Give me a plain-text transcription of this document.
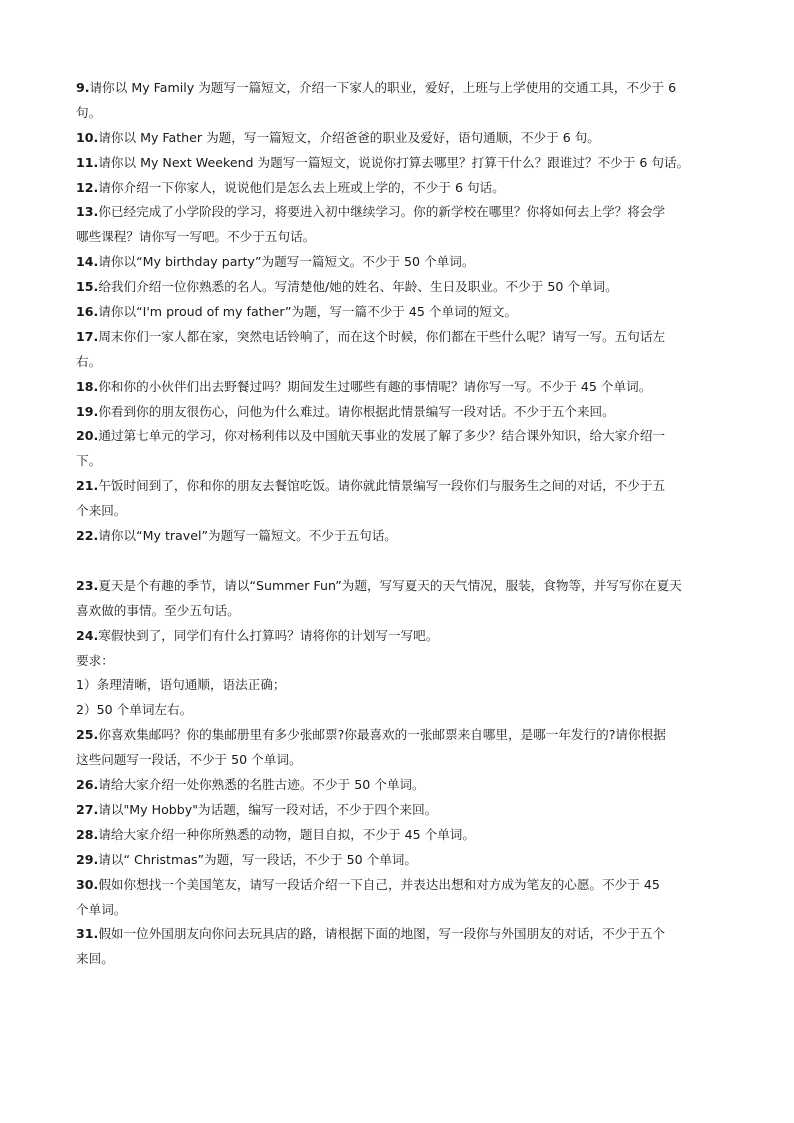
9.请你以 My Family 为题写一篇短文，介绍一下家人的职业，爱好，上班与上学使用的交通工具，不少于 6
句。
10.请你以 My Father 为题，写一篇短文，介绍爸爸的职业及爱好，语句通顺，不少于 6 句。
11.请你以 My Next Weekend 为题写一篇短文，说说你打算去哪里？打算干什么？跟谁过？不少于 6 句话。
12.请你介绍一下你家人，说说他们是怎么去上班或上学的，不少于 6 句话。
13.你已经完成了小学阶段的学习，将要进入初中继续学习。你的新学校在哪里？你将如何去上学？将会学
哪些课程？请你写一写吧。不少于五句话。
14.请你以“My birthday party”为题写一篇短文。不少于 50 个单词。
15.给我们介绍一位你熟悉的名人。写清楚他/她的姓名、年龄、生日及职业。不少于 50 个单词。
16.请你以“I'm proud of my father”为题，写一篇不少于 45 个单词的短文。
17.周末你们一家人都在家，突然电话铃响了，而在这个时候，你们都在干些什么呢？请写一写。五句话左
右。
18.你和你的小伙伴们出去野餐过吗？期间发生过哪些有趣的事情呢？请你写一写。不少于 45 个单词。
19.你看到你的朋友很伤心，问他为什么难过。请你根据此情景编写一段对话。不少于五个来回。
20.通过第七单元的学习，你对杨利伟以及中国航天事业的发展了解了多少？结合课外知识，给大家介绍一
下。
21.午饭时间到了，你和你的朋友去餐馆吃饭。请你就此情景编写一段你们与服务生之间的对话，不少于五
个来回。
22.请你以“My travel”为题写一篇短文。不少于五句话。
23.夏天是个有趣的季节，请以“Summer Fun”为题，写写夏天的天气情况，服装，食物等，并写写你在夏天
喜欢做的事情。至少五句话。
24.寒假快到了，同学们有什么打算吗？请将你的计划写一写吧。
要求：
1）条理清晰，语句通顺，语法正确；
2）50 个单词左右。
25.你喜欢集邮吗？你的集邮册里有多少张邮票?你最喜欢的一张邮票来自哪里，是哪一年发行的?请你根据
这些问题写一段话，不少于 50 个单词。
26.请给大家介绍一处你熟悉的名胜古迹。不少于 50 个单词。
27.请以"My Hobby"为话题，编写一段对话，不少于四个来回。
28.请给大家介绍一种你所熟悉的动物，题目自拟，不少于 45 个单词。
29.请以“ Christmas”为题，写一段话，不少于 50 个单词。
30.假如你想找一个美国笔友，请写一段话介绍一下自己，并表达出想和对方成为笔友的心愿。不少于 45
个单词。
31.假如一位外国朋友向你问去玩具店的路，请根据下面的地图，写一段你与外国朋友的对话，不少于五个
来回。
